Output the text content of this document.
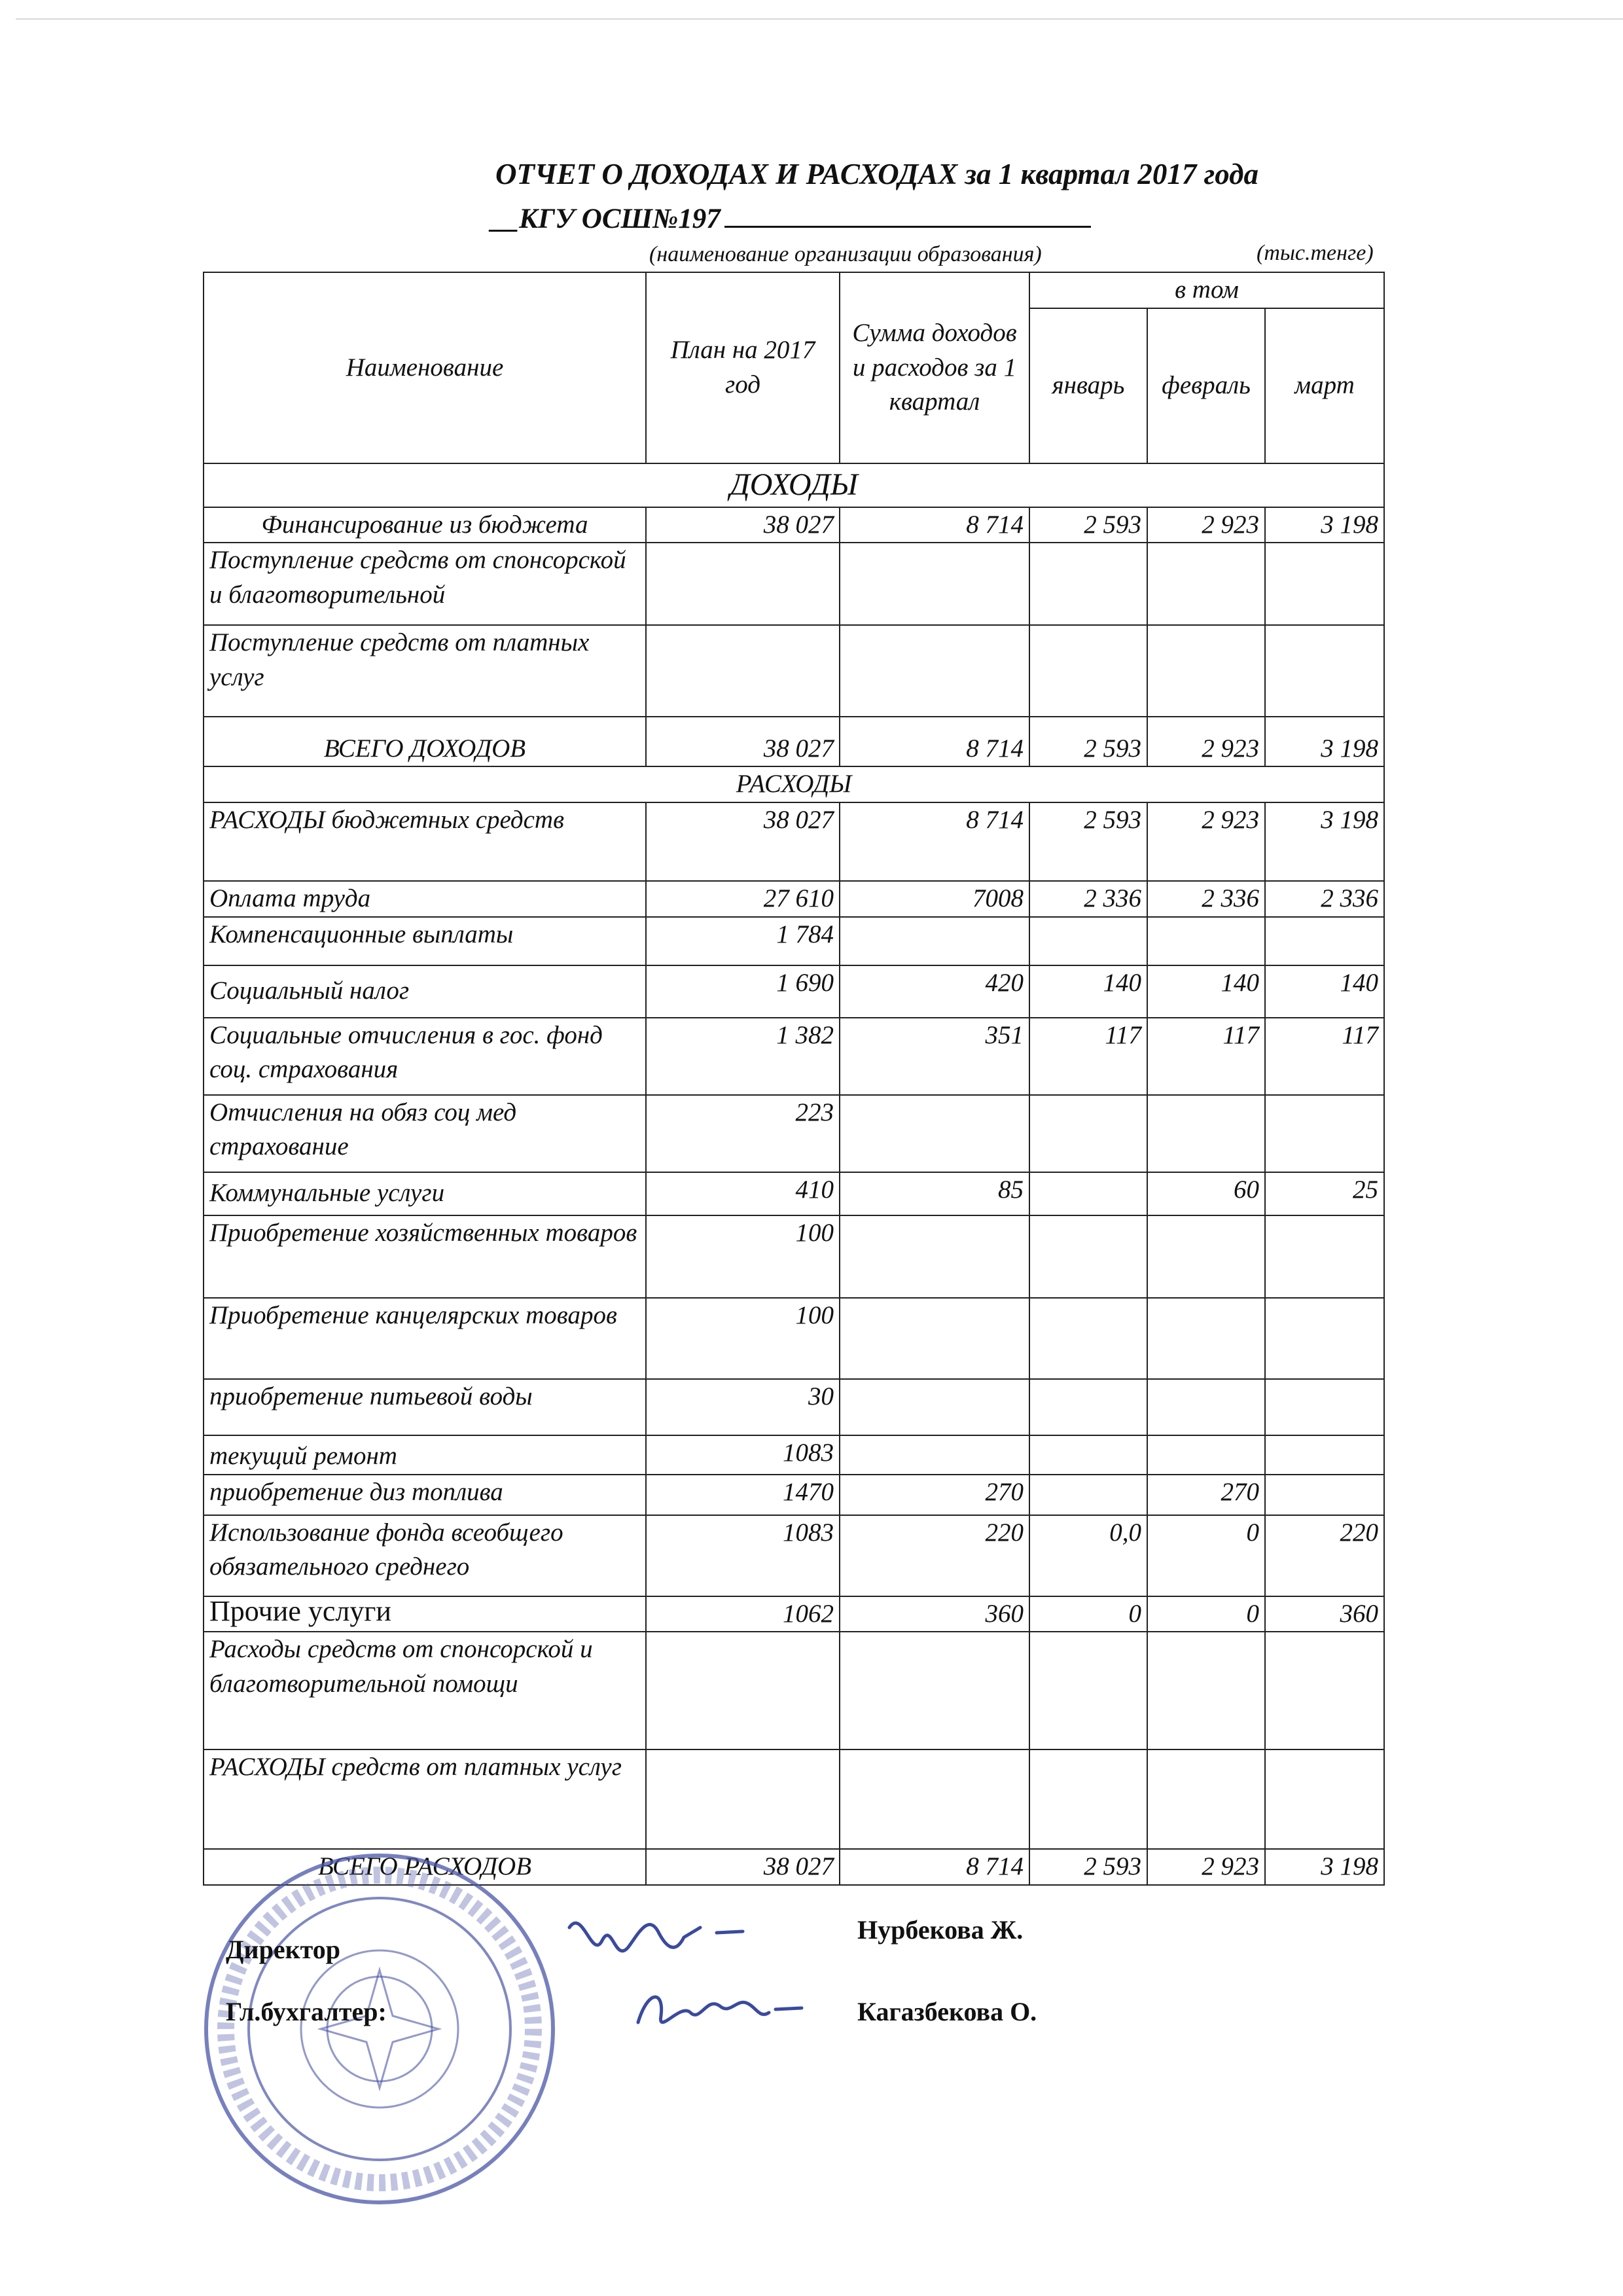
ОТЧЕТ О ДОХОДАХ И РАСХОДАХ за 1 квартал 2017 года
__КГУ ОСШ№197
(наименование организации образования)	(тыс.тенге)
Наименование	План на 2017 год	Сумма доходов и расходов за 1 квартал	в том		
			январь	февраль	март
ДОХОДЫ					
Финансирование из бюджета	38 027	8 714	2 593	2 923	3 198
Поступление средств от спонсорской и благотворительной					
Поступление средств от платных услуг					
ВСЕГО ДОХОДОВ	38 027	8 714	2 593	2 923	3 198
РАСХОДЫ					
РАСХОДЫ бюджетных средств	38 027	8 714	2 593	2 923	3 198
Оплата труда	27 610	7008	2 336	2 336	2 336
Компенсационные выплаты	1 784				
Социальный налог	1 690	420	140	140	140
Социальные отчисления в гос. фонд соц. страхования	1 382	351	117	117	117
Отчисления на обяз соц мед страхование	223				
Коммунальные услуги	410	85		60	25
Приобретение хозяйственных товаров	100				
Приобретение канцелярских товаров	100				
приобретение питьевой воды	30				
текущий ремонт	1083				
приобретение диз топлива	1470	270		270	
Использование фонда всеобщего обязательного среднего	1083	220	0,0	0	220
Прочие услуги	1062	360	0	0	360
Расходы средств от спонсорской и благотворительной помощи					
РАСХОДЫ средств от платных услуг					
ВСЕГО РАСХОДОВ	38 027	8 714	2 593	2 923	3 198
Директор
Нурбекова Ж.
Гл.бухгалтер:	Кагазбекова О.
